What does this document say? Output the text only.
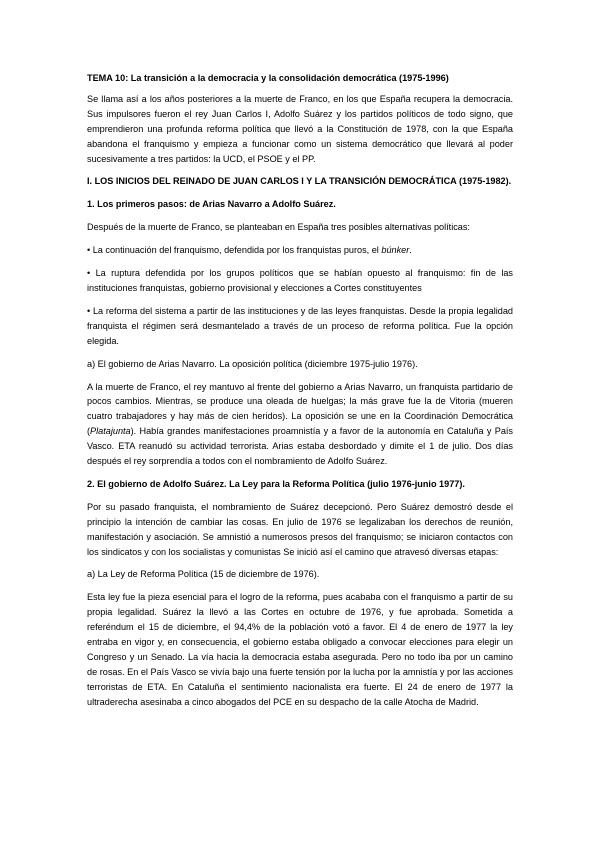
TEMA 10: La transición a la democracia y la consolidación democrática (1975-1996)

Se llama así a los años posteriores a la muerte de Franco, en los que España recupera la democracia. Sus impulsores fueron el rey Juan Carlos I, Adolfo Suárez y los partidos políticos de todo signo, que emprendieron una profunda reforma política que llevó a la Constitución de 1978, con la que España abandona el franquismo y empieza a funcionar como un sistema democrático que llevará al poder sucesivamente a tres partidos: la UCD, el PSOE y el PP.

I. LOS INICIOS DEL REINADO DE JUAN CARLOS I Y LA TRANSICIÓN DEMOCRÁTICA (1975-1982).

1. Los primeros pasos: de Arias Navarro a Adolfo Suárez.

Después de la muerte de Franco, se planteaban en España tres posibles alternativas políticas:

• La continuación del franquismo, defendida por los franquistas puros, el búnker.

• La ruptura defendida por los grupos políticos que se habían opuesto al franquismo: fin de las instituciones franquistas, gobierno provisional y elecciones a Cortes constituyentes

• La reforma del sistema a partir de las instituciones y de las leyes franquistas. Desde la propia legalidad franquista el régimen será desmantelado a través de un proceso de reforma política. Fue la opción elegida.

a) El gobierno de Arias Navarro. La oposición política (diciembre 1975-julio 1976).

A la muerte de Franco, el rey mantuvo al frente del gobierno a Arias Navarro, un franquista partidario de pocos cambios. Mientras, se produce una oleada de huelgas; la más grave fue la de Vitoria (mueren cuatro trabajadores y hay más de cien heridos). La oposición se une en la Coordinación Democrática (Platajunta). Había grandes manifestaciones proamnistía y a favor de la autonomía en Cataluña y País Vasco. ETA reanudó su actividad terrorista. Arias estaba desbordado y dimite el 1 de julio. Dos días después el rey sorprendía a todos con el nombramiento de Adolfo Suárez.

2. El gobierno de Adolfo Suárez. La Ley para la Reforma Política (julio 1976-junio 1977).

Por su pasado franquista, el nombramiento de Suárez decepcionó. Pero Suárez demostró desde el principio la intención de cambiar las cosas. En julio de 1976 se legalizaban los derechos de reunión, manifestación y asociación. Se amnistió a numerosos presos del franquismo; se iniciaron contactos con los sindicatos y con los socialistas y comunistas Se inició así el camino que atravesó diversas etapas:

a) La Ley de Reforma Política (15 de diciembre de 1976).

Esta ley fue la pieza esencial para el logro de la reforma, pues acababa con el franquismo a partir de su propia legalidad. Suárez la llevó a las Cortes en octubre de 1976, y fue aprobada. Sometida a referéndum el 15 de diciembre, el 94,4% de la población votó a favor. El 4 de enero de 1977 la ley entraba en vigor y, en consecuencia, el gobierno estaba obligado a convocar elecciones para elegir un Congreso y un Senado. La vía hacia la democracia estaba asegurada. Pero no todo iba por un camino de rosas. En el País Vasco se vivía bajo una fuerte tensión por la lucha por la amnistía y por las acciones terroristas de ETA. En Cataluña el sentimiento nacionalista era fuerte. El 24 de enero de 1977 la ultraderecha asesinaba a cinco abogados del PCE en su despacho de la calle Atocha de Madrid.
